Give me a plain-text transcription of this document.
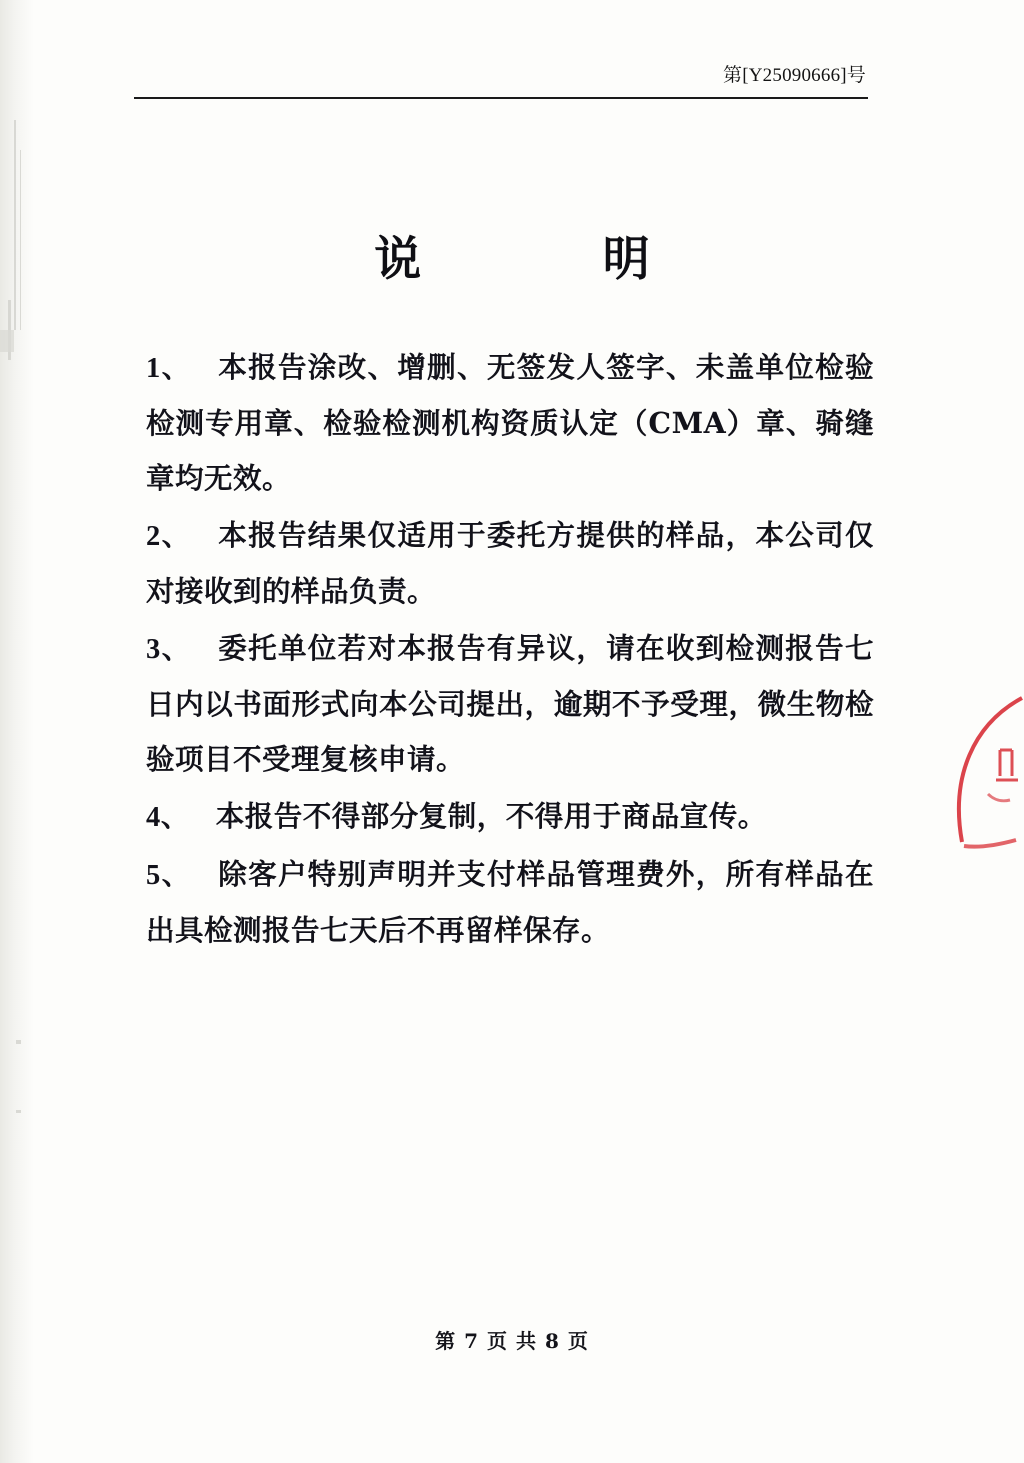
第[Y25090666]号
说　　明

1、 本报告涂改、增删、无签发人签字、未盖单位检验检测专用章、检验检测机构资质认定（CMA）章、骑缝章均无效。

2、 本报告结果仅适用于委托方提供的样品，本公司仅对接收到的样品负责。

3、 委托单位若对本报告有异议，请在收到检测报告七日内以书面形式向本公司提出，逾期不予受理，微生物检验项目不受理复核申请。

4、 本报告不得部分复制，不得用于商品宣传。

5、 除客户特别声明并支付样品管理费外，所有样品在出具检测报告七天后不再留样保存。

第 7 页 共 8 页
